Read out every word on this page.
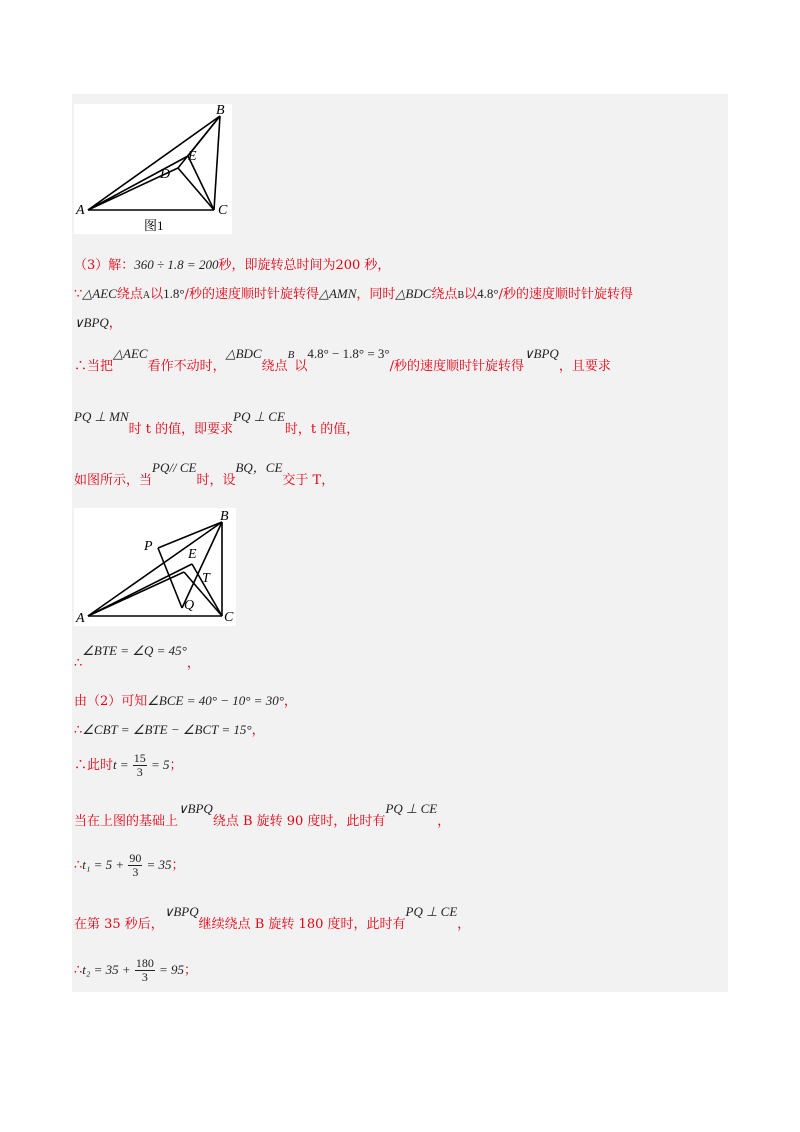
A
B
C
D
E
图1
（3）解：360 ÷ 1.8 = 200秒，即旋转总时间为200 秒，
∵△AEC绕点A以1.8°/秒的速度顺时针旋转得△AMN，同时△BDC绕点B以4.8°/秒的速度顺时针旋转得
∨BPQ，
∴当把△AEC看作不动时，△BDC绕点$^B$以4.8° − 1.8° = 3°/秒的速度顺时针旋转得∨BPQ，且要求
PQ ⊥ MN时 t 的值，即要求PQ ⊥ CE时，t 的值，
如图所示，当PQ// CE时，设BQ，CE交于 T，
A
B
C
E
P
Q
T
∴∠BTE = ∠Q = 45°，
由（2）可知∠BCE = 40° − 10° = 30°，
∴∠CBT = ∠BTE − ∠BCT = 15°，
∴此时$t = \frac{15}{3} = 5$；
当在上图的基础上∨BPQ绕点 B 旋转 90 度时，此时有PQ ⊥ CE，
∴t₁ = $5 + \frac{90}{3} = 35$；
在第 35 秒后，∨BPQ继续绕点 B 旋转 180 度时，此时有PQ ⊥ CE，
∴t₂ = $35 + \frac{180}{3} = 95$；
